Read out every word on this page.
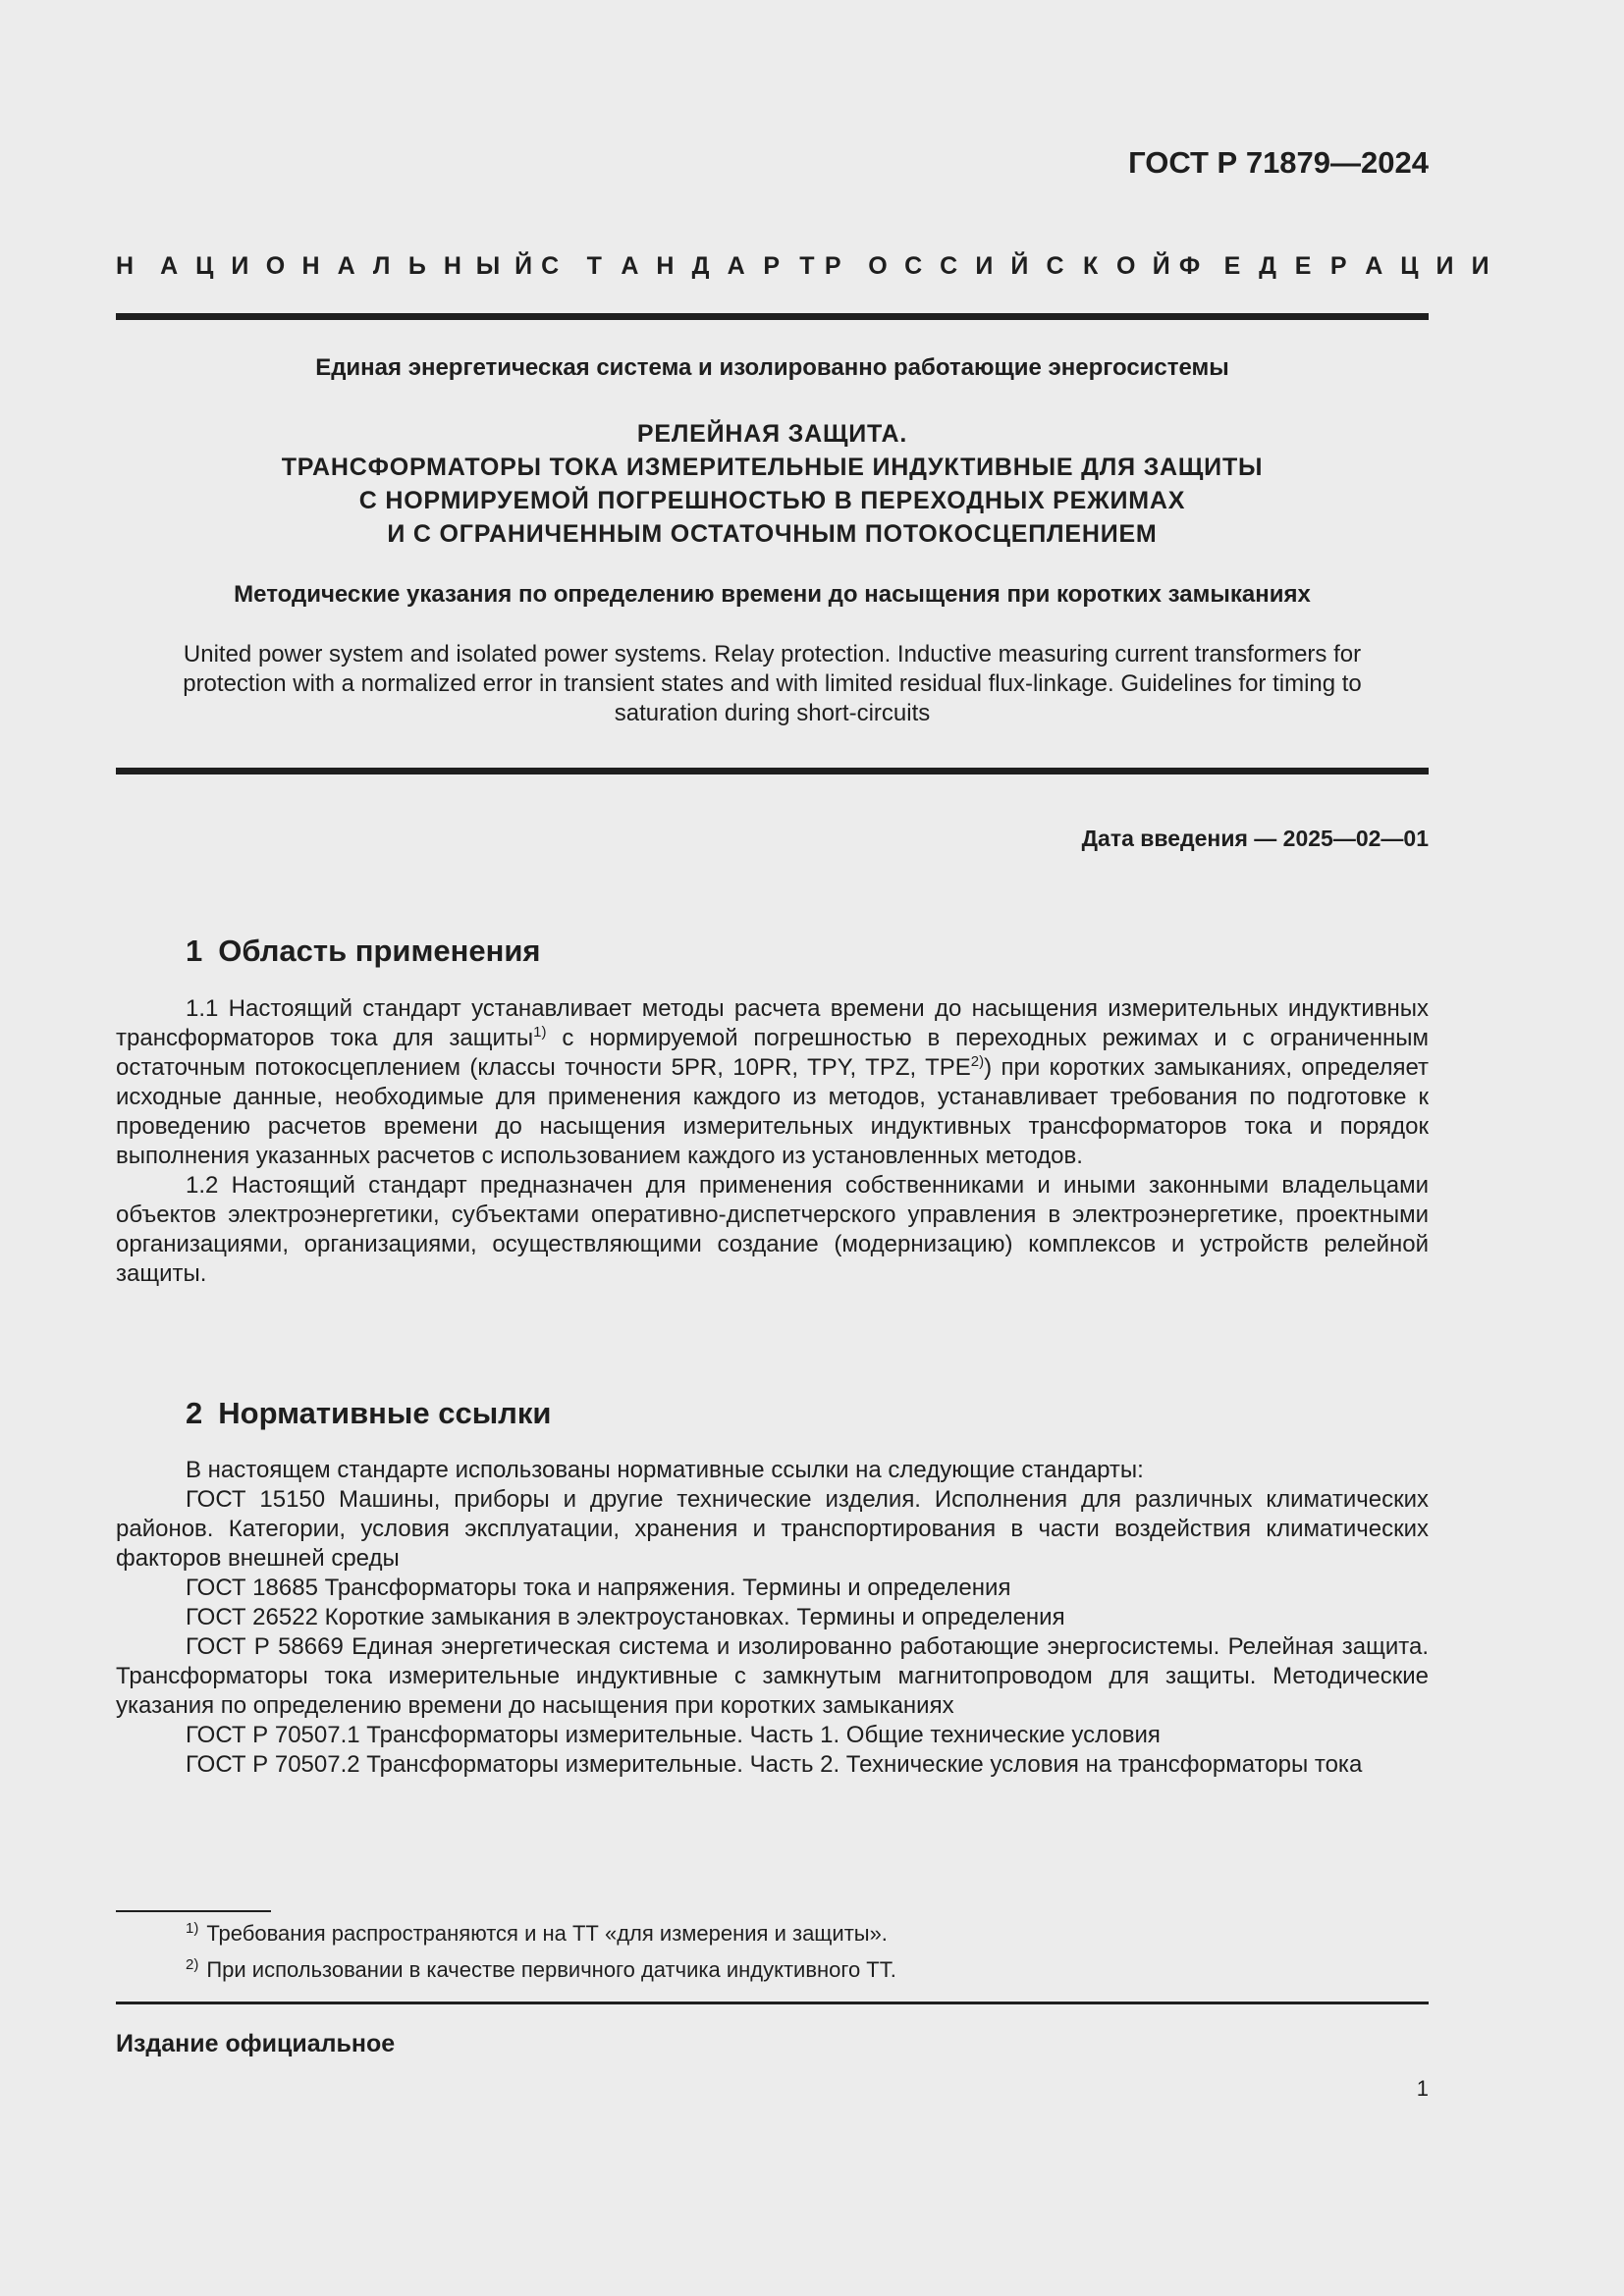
ГОСТ Р 71879—2024
Н	А Ц И О Н А Л Ь Н Ы Й С	Т А Н Д А Р Т Р	О С С И Й С К О Й Ф Е Д Е Р А Ц И И
Единая энергетическая система и изолированно работающие энергосистемы
РЕЛЕЙНАЯ ЗАЩИТА.
ТРАНСФОРМАТОРЫ ТОКА ИЗМЕРИТЕЛЬНЫЕ ИНДУКТИВНЫЕ ДЛЯ ЗАЩИТЫ
С НОРМИРУЕМОЙ ПОГРЕШНОСТЬЮ В ПЕРЕХОДНЫХ РЕЖИМАХ
И С ОГРАНИЧЕННЫМ ОСТАТОЧНЫМ ПОТОКОСЦЕПЛЕНИЕМ
Методические указания по определению времени до насыщения при коротких замыканиях
United power system and isolated power systems. Relay protection. Inductive measuring current transformers for
protection with a normalized error in transient states and with limited residual flux-linkage. Guidelines for timing to
saturation during short-circuits
Дата введения — 2025—02—01
1 Область применения

1.1 Настоящий стандарт устанавливает методы расчета времени до насыщения измерительных индуктивных трансформаторов тока для защиты$^{1)}$ с нормируемой погрешностью в переходных режимах и с ограниченным остаточным потокосцеплением (классы точности 5PR, 10PR, TPY, TPZ, TPE$^{2)}$) при коротких замыканиях, определяет исходные данные, необходимые для применения каждого из методов, устанавливает требования по подготовке к проведению расчетов времени до насыщения измерительных индуктивных трансформаторов тока и порядок выполнения указанных расчетов с использованием каждого из установленных методов.

1.2 Настоящий стандарт предназначен для применения собственниками и иными законными владельцами объектов электроэнергетики, субъектами оперативно-диспетчерского управления в электроэнергетике, проектными организациями, организациями, осуществляющими создание (модернизацию) комплексов и устройств релейной защиты.

2 Нормативные ссылки

В настоящем стандарте использованы нормативные ссылки на следующие стандарты:

ГОСТ 15150 Машины, приборы и другие технические изделия. Исполнения для различных климатических районов. Категории, условия эксплуатации, хранения и транспортирования в части воздействия климатических факторов внешней среды

ГОСТ 18685 Трансформаторы тока и напряжения. Термины и определения

ГОСТ 26522 Короткие замыкания в электроустановках. Термины и определения

ГОСТ Р 58669 Единая энергетическая система и изолированно работающие энергосистемы. Релейная защита. Трансформаторы тока измерительные индуктивные с замкнутым магнитопроводом для защиты. Методические указания по определению времени до насыщения при коротких замыканиях

ГОСТ Р 70507.1 Трансформаторы измерительные. Часть 1. Общие технические условия

ГОСТ Р 70507.2 Трансформаторы измерительные. Часть 2. Технические условия на трансформаторы тока

$^{1)}$ Требования распространяются и на ТТ «для измерения и защиты».
$^{2)}$ При использовании в качестве первичного датчика индуктивного ТТ.
Издание официальное
1
